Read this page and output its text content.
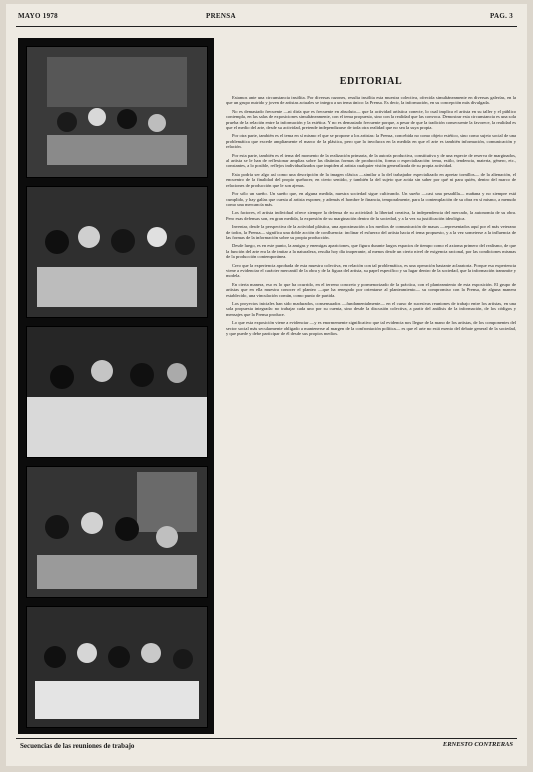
MAYO 1978	PRENSA	PAG. 3
EDITORIAL

Estamos ante una circunstancia insólita. Por diversas razones, resulta insólita esta muestra colectiva, ofrecida simultáneamente en diversas galerías, en la que un grupo nutrido y joven de artistas actuales se integra a un tema único: la Prensa. Es decir, la información, en su concepción más divulgada.

No es demasiado frecuente —ni diría que es frecuente en absoluto— que la actividad artística conecte, lo cual implica el artista en su taller y el público contempla, en las salas de exposiciones simultáneamente, con el tema propuesto, sino con la realidad que las convoca. Demostrar esta circunstancia es una sola prueba de la relación entre la información y la estética. Y no es demasiado frecuente porque, a pesar de que la tradición consecuente la favorece, la realidad es que el medio del arte, desde su actividad, pretende independizarse de toda otra realidad que no sea la suya propia.

Por otra parte, también es el tema en sí mismo el que se propone a los artistas: la Prensa, concebida no como objeto estético, sino como sujeto social de una problemática que excede ampliamente el marco de la plástica, pero que la involucra en la medida en que el arte es también información, comunicación y relación.

Por esta parte, también es el tema del momento de la realización primaria, de la autoría productiva, constitutiva y de una especie de reserva de marginados, al artista se le han de reflexionar amplias sobre las distintas formas de producción, forma o especialización: tema, estilo, tendencia, materia, género, etc., constantes, a lo posible, reflejos individualizados que impiden al artista cualquier visión generalizada de su propia actividad.

Esta podría ser algo así como una descripción de la imagen clásica —similar a la del trabajador especializado en apretar tornillos— de la alienación, el encuentro de la finalidad del propio quehacer, en cierto sentido, y también la del sujeto que actúa sin saber por qué ni para quién, dentro del marco de relaciones de producción que le son ajenas.

Por sólo un sueño. Un sueño que, en alguna medida, nuestra sociedad sigue cultivando. Un sueño —casi una pesadilla— mañana y no siempre está cumplido, y hay galías que cuesta al artista exponer, y además el hombre le financia, temporalmente, para la contemplación de su obra en sí mismo, a menudo como una mercancía más.

Los factores, el artista individual ofrece siempre la defensa de su actividad: la libertad creativa, la independencia del mercado, la autonomía de su obra. Pero esas defensas son, en gran medida, la expresión de su marginación dentro de la sociedad, y a la vez su justificación ideológica.

Inventar, desde la perspectiva de la actividad plástica, una aproximación a los medios de comunicación de masas —representados aquí por el más veterano de todos, la Prensa— significa una doble acción de confluencia: inclinar el esfuerzo del artista hacia el tema propuesto, y a la vez someterse a la influencia de las formas de la información sobre su propia producción.

Desde luego, es en este punto, la amigas y enemigas apariciones, que figura durante largos espacios de tiempo como el axioma primero del realismo, de que la función del arte era la de imitar a la naturaleza, resulta hoy día inoperante, al menos desde un cierto nivel de exigencia racional, por las condiciones mismas de la producción contemporánea.

Creo que la experiencia aprobada de esta muestra colectiva, en relación con tal problemática, es una operación bastante aclaratoria. Porque esa experiencia viene a evidenciar el carácter mercantil de la obra y de la figura del artista, su papel específico y su lugar dentro de la sociedad, que la información transmite y modela.

En cierta manera, eso es lo que ha ocurrido, en el terreno concreto y pormenorizado de la práctica, con el planteamiento de esta exposición. El grupo de artistas que en ella muestra conocer el planteo —que ha renegado por orientarse al planteamiento— su compromiso con la Prensa, de alguna manera establecido, una vinculación común, como punto de partida.

Los proyectos iniciales han sido madurados, consensuados —fundamentalmente— en el curso de sucesivas reuniones de trabajo entre los artistas, en una sola propuesta integrada: no trabajar cada uno por su cuenta, sino desde la discusión colectiva, a partir del análisis de la información, de los códigos y mensajes que la Prensa produce.

Lo que esta exposición viene a evidenciar —y es enormemente significativo que tal evidencia nos llegue de la mano de los artistas, de los componentes del sector social más secularmente obligado a mantenerse al margen de la confrontación política— es que el arte no está exento del debate general de la sociedad, y que puede y debe participar de él desde sus propios medios.

Secuencias de las reuniones de trabajo	ERNESTO CONTRERAS
